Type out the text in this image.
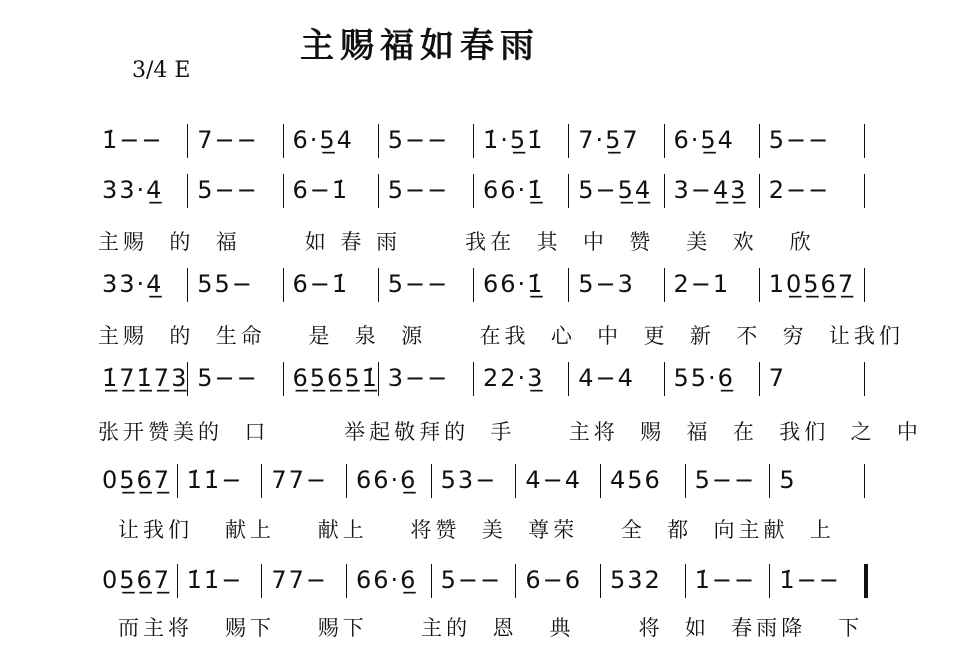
主赐福如春雨
3/4 E
1̇−− 7−− 6·5̲4 5−− 1̇·5̲1̇ 7·5̲7 6·5̲4 5−−
33·4̲ 5−− 6−1̇ 5−− 66·1̲̇ 5−5̲4̲ 3−4̲3̲ 2−−
33·4̲ 55− 6−1̇ 5−− 66·1̲̇ 5−3 2−1 10̲5̲6̲7̲
1̲̇7̲1̲̇7̲3̲ 5−− 6̲5̲6̲5̲1̲̇ 3−− 22·3̲ 4−4 55·6̲ 7
05̲6̲7̲ 1̇1̇− 77− 66·6̲ 53− 4−4 456 5−− 5
05̲6̲7̲ 1̇1̇− 77− 66·6̲ 5−− 6−6 532 1̇−− 1̇−−
主赐  的  福      如 春 雨      我在  其  中  赞   美  欢   欣
主赐  的  生命    是  泉  源     在我  心  中  更  新  不  穷  让我们
张开赞美的  口       举起敬拜的  手     主将  赐  福  在  我们  之  中
让我们   献上    献上    将赞  美  尊荣    全  都  向主献  上
而主将   赐下    赐下     主的  恩   典      将  如  春雨降   下
